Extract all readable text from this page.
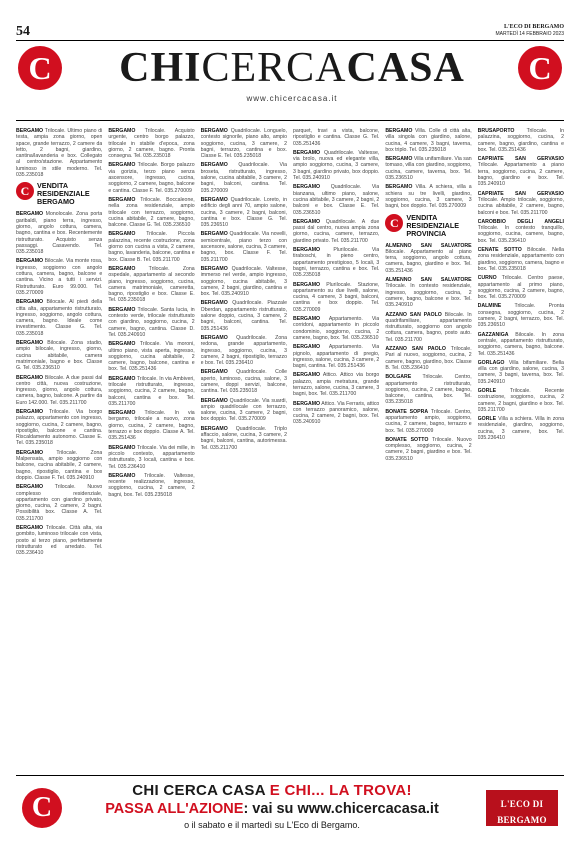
54	L'ECO DI BERGAMO
MARTEDÌ 14 FEBBRAIO 2023
C	CHICERCACASA
www.chicercacasa.it
C

BERGAMO Trilocale. Ultimo piano di testa, ampia zona giorno, open space, grande terrazzo, 2 camere da letto, 2 bagni, giardino, cantina/lavanderia e box. Collegato al centro/stazione. Appartamento luminoso in stile moderno. Tel. 035.235018

C	VENDITA
RESIDENZIALE
BERGAMO

BERGAMO Monolocale. Zona porta garibaldi, piano terra, ingresso, giorno, angolo cottura, camera, bagno, cantina e box. Recentemente ristrutturato. Acquisto senza passaggi. Casavendo. Tel. 035.235018

BERGAMO Bilocale. Via monte rosa, ingresso, soggiorno con angolo cottura, camera, bagno, balcone e cantina. Vicino a tutti i servizi. Ristrutturato. Euro 99.000. Tel. 035.270009

BERGAMO Bilocale. Al piedi della citta alta, appartamento ristrutturato, ingresso, soggiorno, angolo cottura, camera, bagno. Ideale come investimento. Classe G. Tel. 035.235018

BERGAMO Bilocale. Zona stadio, ampio bilocale, ingresso, giorno, cucina abitabile, camera matrimoniale, bagno e box. Classe G. Tel. 035.236510

BERGAMO Bilocale. A due passi dal centro città, nuova costruzione, ingresso, giorno, angolo cottura, camera, bagno, balcone. A partire da Euro 142.000. Tel. 035.211700

BERGAMO Trilocale. Via borgo palazzo, appartamento con ingresso, soggiorno, cucina, 2 camere, bagno, ripostiglio, balcone e cantina. Riscaldamento autonomo. Classe E. Tel. 035.235018

BERGAMO	Trilocale. Zona Malpensata, ampio soggiorno con balcone, cucina abitabile, 2 camere, bagno, ripostiglio, cantina e box doppio. Classe F. Tel. 035.240910

BERGAMO Trilocale. Nuovo complesso residenziale, appartamento con giardino privato, giorno, cucina, 2 camere, 2 bagni. Possibilità box. Classe A. Tel. 035.211700

BERGAMO Trilocale. Città alta, via gombito, luminoso trilocale con vista, posto al terzo piano, perfettamente ristrutturato ed arredato. Tel. 035.236410

BERGAMO Trilocale. Acquisto urgente, centro borgo palazzo, trilocale in stabile d'epoca, zona giorno, 2 camere, bagno. Pronta consegna. Tel. 035.235018

BERGAMO Trilocale. Borgo palazzo via gorizia, terzo piano senza ascensore, ingresso, cucina, soggiorno, 2 camere, bagno, balcone e cantina. Classe F. Tel. 035.270009

BERGAMO Trilocale. Boccaleone, nella zona residenziale, ampio trilocale con terrazzo, soggiorno, cucina abitabile, 2 camere, bagno, balcone. Classe G. Tel. 035.236510

BERGAMO Trilocale. Piccola palazzina, recente costruzione, zona giorno con cucina a vista, 2 camere, bagno, lavanderia, balcone, cantina e box. Classe B. Tel. 035.211700

BERGAMO	Trilocale. Zona ospedale, appartamento al secondo piano, ingresso, soggiorno, cucina, camera matrimoniale, cameretta, bagno, ripostiglio e box. Classe E. Tel. 035.235018

BERGAMO Trilocale. Santa lucia, in contesto verde, trilocale ristrutturato con giardino, soggiorno, cucina, 2 camere, bagno, cantina. Classe D. Tel. 035.240910

BERGAMO Trilocale. Via moroni, ultimo piano, vista aperta, ingresso, soggiorno, cucina abitabile, 2 camere, bagno, balcone, cantina e box. Tel. 035.251436

BERGAMO Trilocale. In via Ambiveri, trilocale ristrutturato, ingresso, soggiorno, cucina, 2 camere, bagno, balconi, cantina e box. Tel. 035.211700

BERGAMO Trilocale. In via bergamo, trilocale a nuovo, zona giorno, cucina, 2 camere, bagno, terrazzo e box doppio. Classe A. Tel. 035.251436

BERGAMO Trilocale. Via dei mille, in piccolo contesto, appartamento ristrutturato, 3 locali, cantina e box. Tel. 035.236410

BERGAMO Trilocale. Valtesse, recente realizzazione, ingresso, soggiorno, cucina, 2 camere, 2 bagni, box. Tel. 035.235018

BERGAMO Quadrilocale. Longuelo, contesto signorile, piano alto, ampio soggiorno, cucina, 3 camere, 2 bagni, terrazzo, cantina e box. Classe E. Tel. 035.235018

BERGAMO Quadrilocale. Via broseta, ristrutturato, ingresso, salone, cucina abitabile, 3 camere, 2 bagni, balconi, cantina. Tel. 035.270009

BERGAMO Quadrilocale. Loreto, in edificio degli anni 70, ampio salone, cucina, 3 camere, 2 bagni, balconi, cantina e box. Classe G. Tel. 035.236510

BERGAMO Quadrilocale. Via novelli, semicentrale, piano terzo con ascensore, salone, cucina, 3 camere, bagno, box. Classe F. Tel. 035.211700

BERGAMO Quadrilocale. Valtesse, immerso nel verde, ampio ingresso, soggiorno, cucina abitabile, 3 camere, 2 bagni, giardino, cantina e box. Tel. 035.240910

BERGAMO Quadrilocale. Piazzale Oberdan, appartamento ristrutturato, salone doppio, cucina, 3 camere, 2 bagni, balconi, cantina. Tel. 035.251436

BERGAMO Quadrilocale. Zona redona, grande appartamento, ingresso, soggiorno, cucina, 3 camere, 2 bagni, ripostiglio, terrazzo e box. Tel. 035.236410

BERGAMO Quadrilocale. Colle aperto, luminoso, cucina, salone, 3 camere, doppi servizi, balcone, cantina. Tel. 035.235018

BERGAMO Quadrilocale. Via suardi, ampio quadrilocale con terrazzo, salone, cucina, 3 camere, 2 bagni, box doppio. Tel. 035.270009

BERGAMO Quadrilocale. Triplo affaccio, salone, cucina, 3 camere, 2 bagni, balconi, cantina, autorimessa. Tel. 035.211700

parquet, travi a vista, balcone, ripostiglio e cantina. Classe G. Tel. 035.251436

BERGAMO Quadrilocale. Valtesse, via brolo, nuova ed elegante villa, ampio soggiorno, cucina, 3 camere, 3 bagni, giardino privato, box doppio. Tel. 035.240910

BERGAMO Quadrilocale. Via bianzana, ultimo piano, salone, cucina abitabile, 3 camere, 2 bagni, 2 balconi e box. Classe E. Tel. 035.236510

BERGAMO Quadrilocale. A due passi dal centro, nuova ampia zona giorno, cucina, camere, terrazzo, giardino privato. Tel. 035.211700

BERGAMO	Plurilocale. Via tiraboschi, in pieno centro, appartamento prestigioso, 5 locali, 3 bagni, terrazzo, cantina e box. Tel. 035.235018

BERGAMO Plurilocale. Stazione, appartamento su due livelli, salone, cucina, 4 camere, 3 bagni, balconi, cantina e box doppio. Tel. 035.270009

BERGAMO Appartamento. Via corridoni, appartamento in piccolo condominio, soggiorno, cucina, 2 camere, bagno, box. Tel. 035.236510

BERGAMO Appartamento. Via pignolo, appartamento di pregio, ingresso, salone, cucina, 3 camere, 2 bagni, cantina. Tel. 035.251436

BERGAMO Attico. Attico via borgo palazzo, ampia metratura, grande terrazzo, salone, cucina, 3 camere, 3 bagni, box. Tel. 035.211700

BERGAMO Attico. Via Ferraris, attico con terrazzo panoramico, salone, cucina, 2 camere, 2 bagni, box. Tel. 035.240910

BERGAMO Villa. Colle di città alta, villa singola con giardino, salone, cucina, 4 camere, 3 bagni, taverna, box triplo. Tel. 035.235018

BERGAMO Villa unifamiliare. Via san tomaso, villa con giardino, soggiorno, cucina, camere, taverna, box. Tel. 035.236510

BERGAMO Villa. A schiera, villa a schiera su tre livelli, giardino, soggiorno, cucina, 3 camere, 3 bagni, box doppio. Tel. 035.270009

C	VENDITA
RESIDENZIALE
PROVINCIA

ALMENNO SAN SALVATORE Bilocale. Appartamento al piano terra, soggiorno, angolo cottura, camera, bagno, giardino e box. Tel. 035.251436

ALMENNO SAN SALVATORE Trilocale. In contesto residenziale, ingresso, soggiorno, cucina, 2 camere, bagno, balcone e box. Tel. 035.240910

AZZANO SAN PAOLO Bilocale. In quadrifamiliare, appartamento ristrutturato, soggiorno con angolo cottura, camera, bagno, posto auto. Tel. 035.211700

AZZANO SAN PAOLO Trilocale. Pari al nuovo, soggiorno, cucina, 2 camere, bagno, giardino, box. Classe B. Tel. 035.236410

BOLGARE Trilocale. Centro, appartamento ristrutturato, soggiorno, cucina, 2 camere, bagno, balcone, cantina, box. Tel. 035.235018

BONATE SOPRA Trilocale. Centro, appartamento ampio, soggiorno, cucina, 2 camere, bagno, terrazzo e box. Tel. 035.270009

BONATE SOTTO Trilocale. Nuovo complesso, soggiorno, cucina, 2 camere, 2 bagni, giardino e box. Tel. 035.236510

BRUSAPORTO Trilocale. In palazzina, soggiorno, cucina, 2 camere, bagno, giardino, cantina e box. Tel. 035.251436

CAPRIATE SAN GERVASIO Trilocale. Appartamento a piano terra, soggiorno, cucina, 2 camere, bagno, giardino e box. Tel. 035.240910

CAPRIATE SAN GERVASIO Trilocale. Ampio trilocale, soggiorno, cucina abitabile, 2 camere, bagno, balconi e box. Tel. 035.211700

CAROBBIO DEGLI ANGELI Trilocale. In contesto tranquillo, soggiorno, cucina, camere, bagno, box. Tel. 035.236410

CENATE SOTTO Bilocale. Nella zona residenziale, appartamento con giardino, soggiorno, camera, bagno e box. Tel. 035.235018

CURNO Trilocale. Centro paese, appartamento al primo piano, soggiorno, cucina, 2 camere, bagno, box. Tel. 035.270009

DALMINE	Trilocale. Pronta consegna, soggiorno, cucina, 2 camere, 2 bagni, terrazzo, box. Tel. 035.236510

GAZZANIGA Bilocale. In zona centrale, appartamento ristrutturato, soggiorno, camera, bagno, balcone. Tel. 035.251436

GORLAGO Villa bifamiliare. Bella villa con giardino, salone, cucina, 3 camere, 3 bagni, taverna, box. Tel. 035.240910

GORLE	Trilocale. Recente costruzione, soggiorno, cucina, 2 camere, 2 bagni, giardino e box. Tel. 035.211700

GORLE Villa a schiera. Villa in zona residenziale, giardino, soggiorno, cucina, 3 camere, box. Tel. 035.236410

C
CHI CERCA CASA E CHI... LA TROVA!
PASSA ALL'AZIONE: vai su www.chicercacasa.it
o il sabato e il martedì su L'Eco di Bergamo.
L'ECO DI BERGAMO
IL GIORNALE DI BERGAMO
